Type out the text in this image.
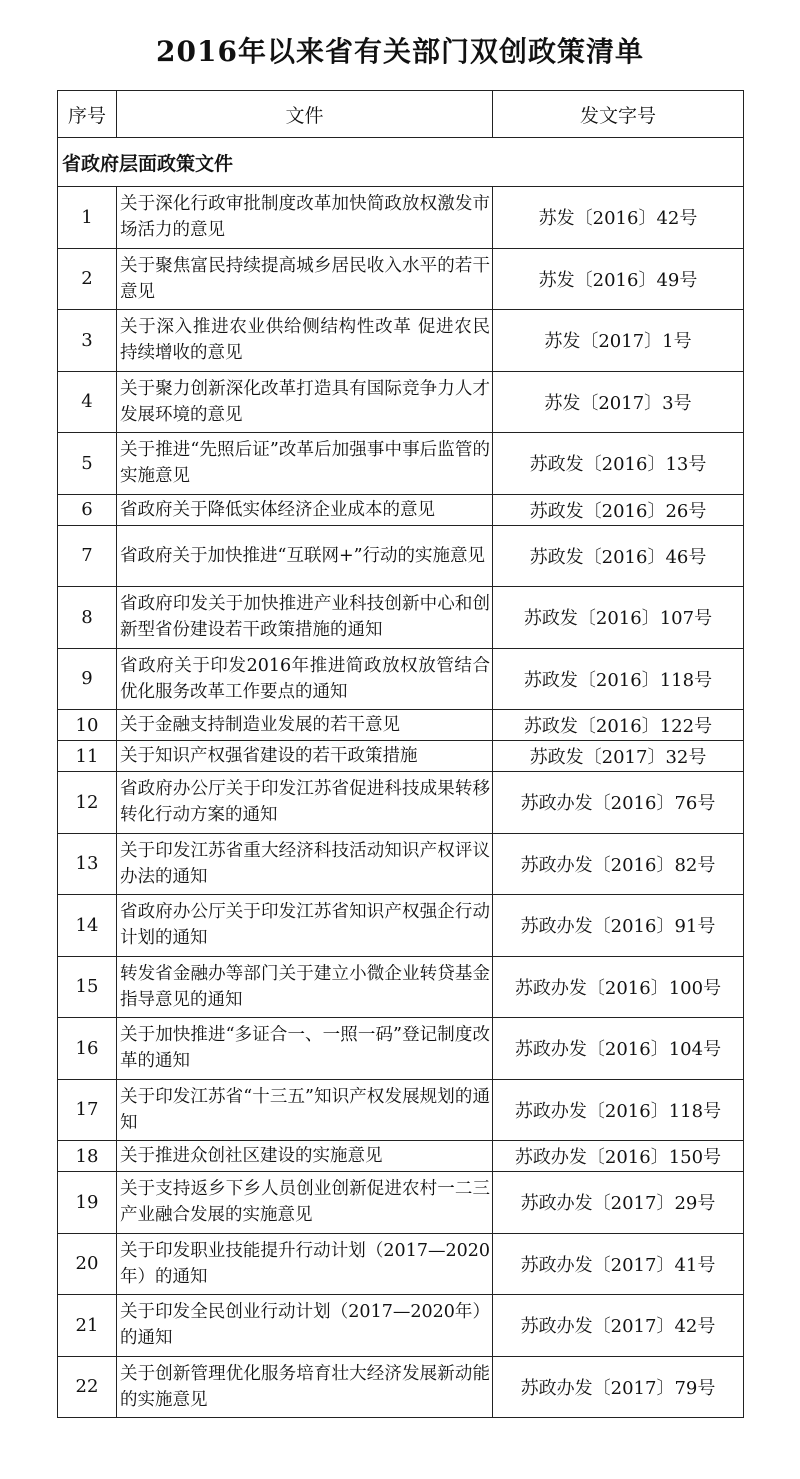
2016年以来省有关部门双创政策清单
序号	文件	发文字号
省政府层面政策文件		
1	关于深化行政审批制度改革加快简政放权激发市场活力的意见	苏发〔2016〕42号
2	关于聚焦富民持续提高城乡居民收入水平的若干意见	苏发〔2016〕49号
3	关于深入推进农业供给侧结构性改革 促进农民持续增收的意见	苏发〔2017〕1号
4	关于聚力创新深化改革打造具有国际竞争力人才发展环境的意见	苏发〔2017〕3号
5	关于推进“先照后证”改革后加强事中事后监管的实施意见	苏政发〔2016〕13号
6	省政府关于降低实体经济企业成本的意见	苏政发〔2016〕26号
7	省政府关于加快推进“互联网+”行动的实施意见	苏政发〔2016〕46号
8	省政府印发关于加快推进产业科技创新中心和创新型省份建设若干政策措施的通知	苏政发〔2016〕107号
9	省政府关于印发2016年推进简政放权放管结合优化服务改革工作要点的通知	苏政发〔2016〕118号
10	关于金融支持制造业发展的若干意见	苏政发〔2016〕122号
11	关于知识产权强省建设的若干政策措施	苏政发〔2017〕32号
12	省政府办公厅关于印发江苏省促进科技成果转移转化行动方案的通知	苏政办发〔2016〕76号
13	关于印发江苏省重大经济科技活动知识产权评议办法的通知	苏政办发〔2016〕82号
14	省政府办公厅关于印发江苏省知识产权强企行动计划的通知	苏政办发〔2016〕91号
15	转发省金融办等部门关于建立小微企业转贷基金指导意见的通知	苏政办发〔2016〕100号
16	关于加快推进“多证合一、一照一码”登记制度改革的通知	苏政办发〔2016〕104号
17	关于印发江苏省“十三五”知识产权发展规划的通知	苏政办发〔2016〕118号
18	关于推进众创社区建设的实施意见	苏政办发〔2016〕150号
19	关于支持返乡下乡人员创业创新促进农村一二三产业融合发展的实施意见	苏政办发〔2017〕29号
20	关于印发职业技能提升行动计划（2017—2020年）的通知	苏政办发〔2017〕41号
21	关于印发全民创业行动计划（2017—2020年）的通知	苏政办发〔2017〕42号
22	关于创新管理优化服务培育壮大经济发展新动能的实施意见	苏政办发〔2017〕79号
